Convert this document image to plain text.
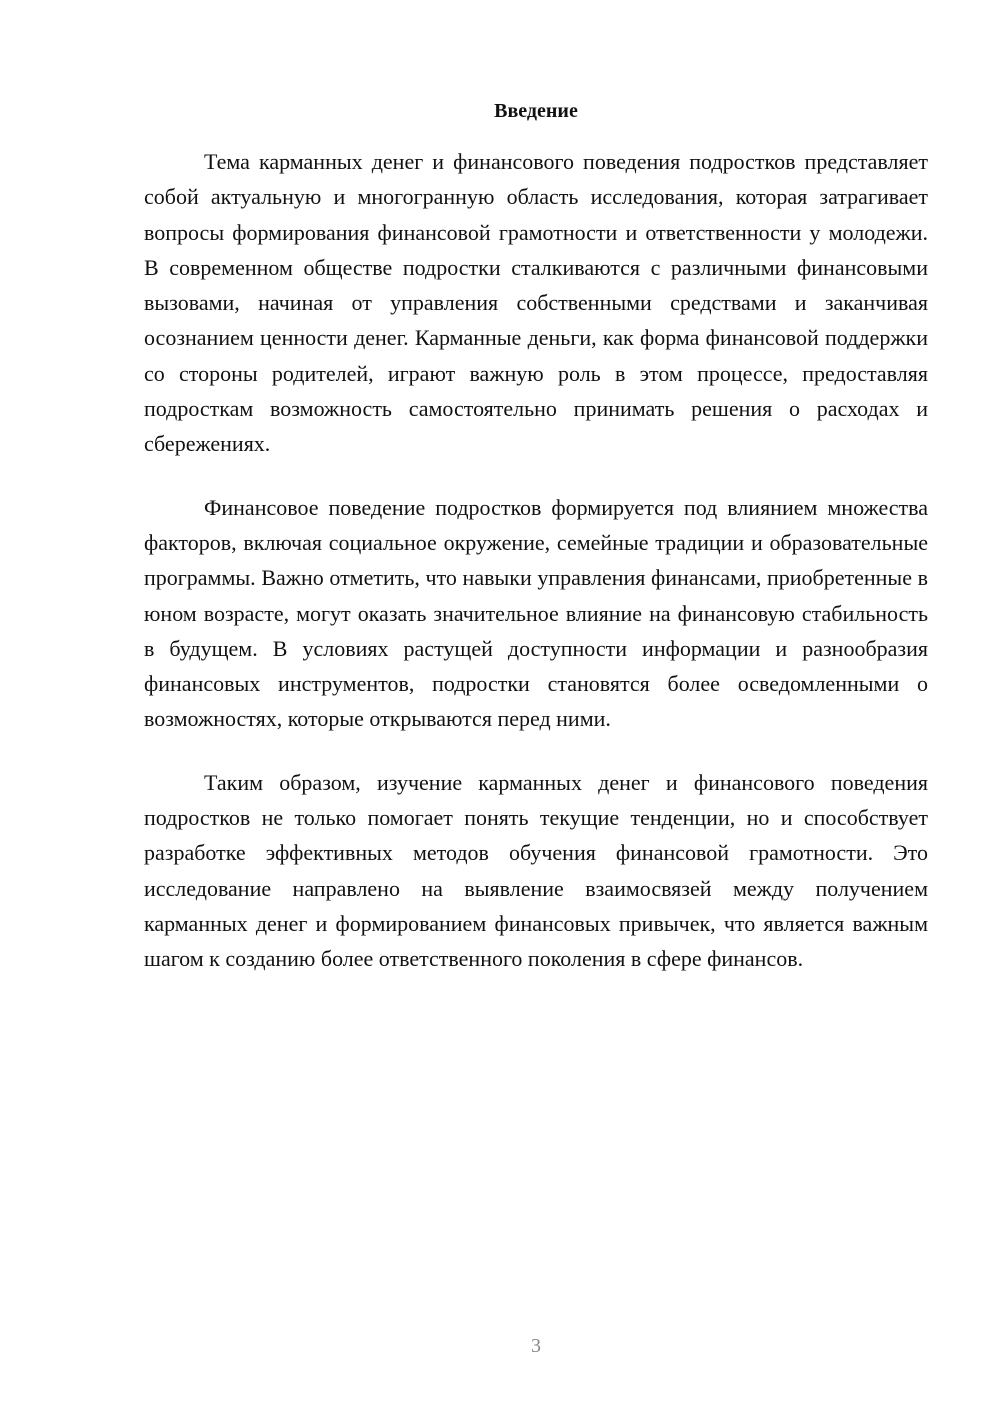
Введение

Тема карманных денег и финансового поведения подростков представляет собой актуальную и многогранную область исследования, которая затрагивает вопросы формирования финансовой грамотности и ответственности у молодежи. В современном обществе подростки сталкиваются с различными финансовыми вызовами, начиная от управления собственными средствами и заканчивая осознанием ценности денег. Карманные деньги, как форма финансовой поддержки со стороны родителей, играют важную роль в этом процессе, предоставляя подросткам возможность самостоятельно принимать решения о расходах и сбережениях.

Финансовое поведение подростков формируется под влиянием множества факторов, включая социальное окружение, семейные традиции и образовательные программы. Важно отметить, что навыки управления финансами, приобретенные в юном возрасте, могут оказать значительное влияние на финансовую стабильность в будущем. В условиях растущей доступности информации и разнообразия финансовых инструментов, подростки становятся более осведомленными о возможностях, которые открываются перед ними.

Таким образом, изучение карманных денег и финансового поведения подростков не только помогает понять текущие тенденции, но и способствует разработке эффективных методов обучения финансовой грамотности. Это исследование направлено на выявление взаимосвязей между получением карманных денег и формированием финансовых привычек, что является важным шагом к созданию более ответственного поколения в сфере финансов.

3
